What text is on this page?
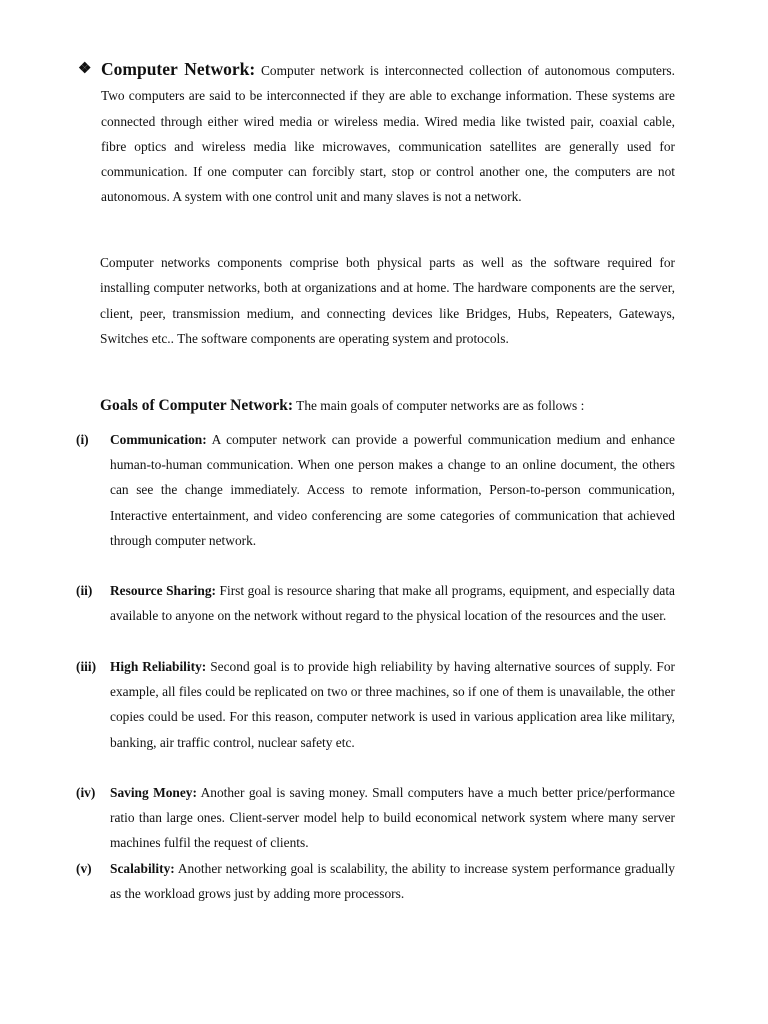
❖ Computer Network: Computer network is interconnected collection of autonomous computers. Two computers are said to be interconnected if they are able to exchange information. These systems are connected through either wired media or wireless media. Wired media like twisted pair, coaxial cable, fibre optics and wireless media like microwaves, communication satellites are generally used for communication. If one computer can forcibly start, stop or control another one, the computers are not autonomous. A system with one control unit and many slaves is not a network.
Computer networks components comprise both physical parts as well as the software required for installing computer networks, both at organizations and at home. The hardware components are the server, client, peer, transmission medium, and connecting devices like Bridges, Hubs, Repeaters, Gateways, Switches etc.. The software components are operating system and protocols.
Goals of Computer Network: The main goals of computer networks are as follows :
(i) Communication: A computer network can provide a powerful communication medium and enhance human-to-human communication. When one person makes a change to an online document, the others can see the change immediately. Access to remote information, Person-to-person communication, Interactive entertainment, and video conferencing are some categories of communication that achieved through computer network.
(ii) Resource Sharing: First goal is resource sharing that make all programs, equipment, and especially data available to anyone on the network without regard to the physical location of the resources and the user.
(iii) High Reliability: Second goal is to provide high reliability by having alternative sources of supply. For example, all files could be replicated on two or three machines, so if one of them is unavailable, the other copies could be used. For this reason, computer network is used in various application area like military, banking, air traffic control, nuclear safety etc.
(iv) Saving Money: Another goal is saving money. Small computers have a much better price/performance ratio than large ones. Client-server model help to build economical network system where many server machines fulfil the request of clients.
(v) Scalability: Another networking goal is scalability, the ability to increase system performance gradually as the workload grows just by adding more processors.
